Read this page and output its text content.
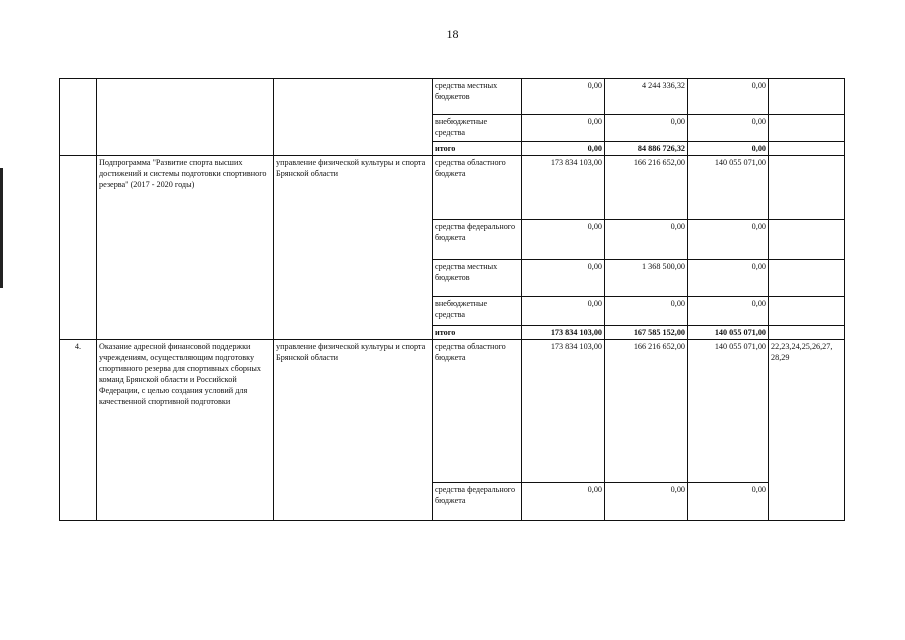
18
			средства местных бюджетов	0,00	4 244 336,32	0,00	
			внебюджетные средства	0,00	0,00	0,00	
			итого	0,00	84 886 726,32	0,00	
	Подпрограмма "Развитие спорта высших достижений и системы подготовки спортивного резерва" (2017 - 2020 годы)	управление физической культуры и спорта Брянской области	средства областного бюджета	173 834 103,00	166 216 652,00	140 055 071,00	
			средства федерального бюджета	0,00	0,00	0,00	
			средства местных бюджетов	0,00	1 368 500,00	0,00	
			внебюджетные средства	0,00	0,00	0,00	
			итого	173 834 103,00	167 585 152,00	140 055 071,00	
4.	Оказание адресной финансовой поддержки учреждениям, осуществляющим подготовку спортивного резерва для спортивных сборных команд Брянской области и Российской Федерации, с целью создания условий для качественной спортивной подготовки	управление физической культуры и спорта Брянской области	средства областного бюджета	173 834 103,00	166 216 652,00	140 055 071,00	22,23,24,25,26,27, 28,29
			средства федерального бюджета	0,00	0,00	0,00	
